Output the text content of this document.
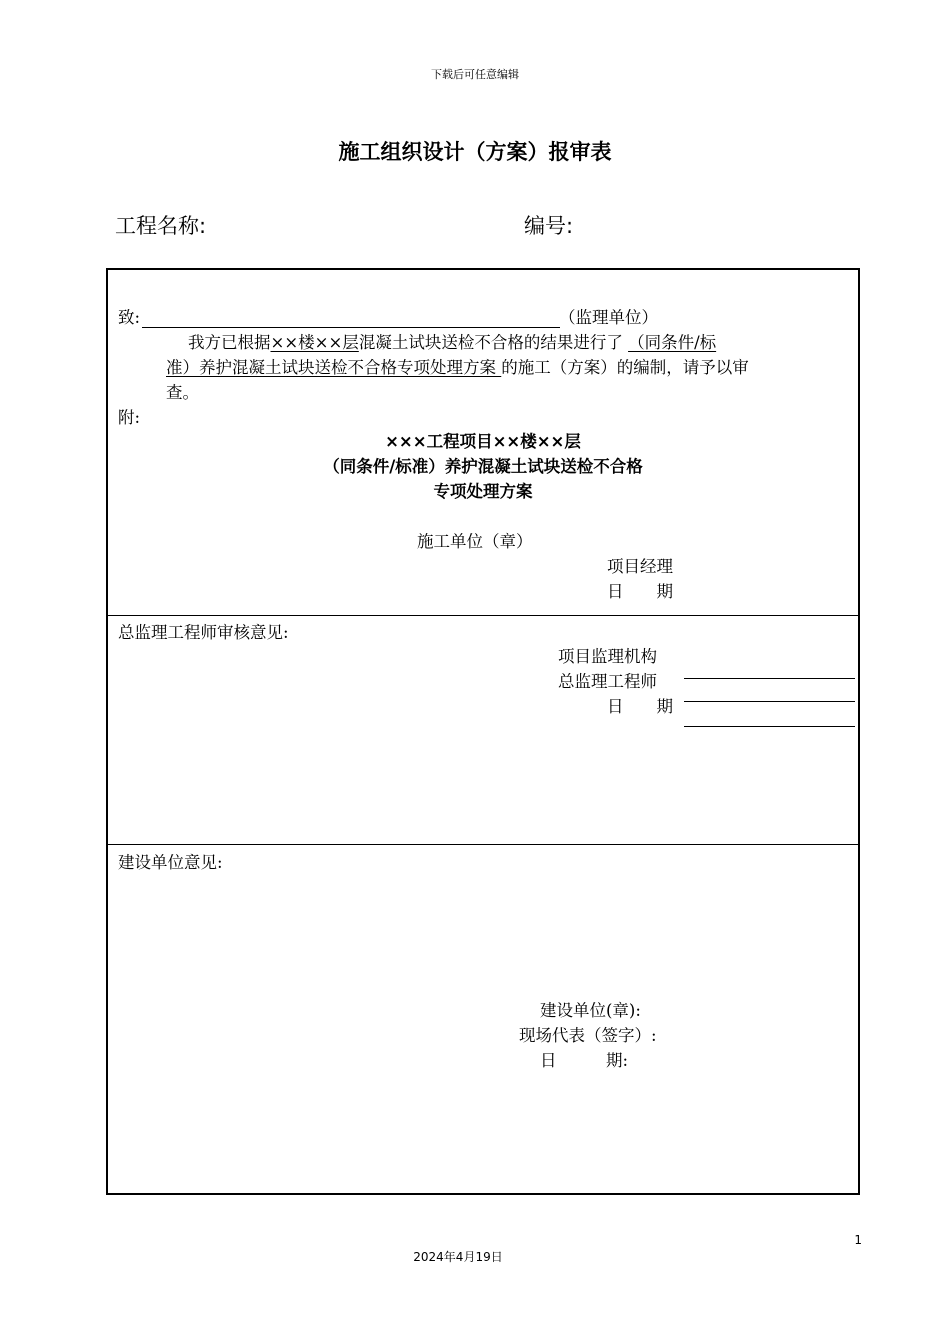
下载后可任意编辑
施工组织设计（方案）报审表
工程名称:	编号:
致:	（监理单位）
我方已根据××楼××层混凝土试块送检不合格的结果进行了 （同条件/标
准）养护混凝土试块送检不合格专项处理方案 的施工（方案）的编制，请予以审
查。
附:
×××工程项目××楼××层
（同条件/标准）养护混凝土试块送检不合格
专项处理方案
施工单位（章）
项目经理
日　　期
总监理工程师审核意见:
项目监理机构
总监理工程师
日　　期
建设单位意见:
建设单位(章):
现场代表（签字）:
日　　　期:
1
2024年4月19日
